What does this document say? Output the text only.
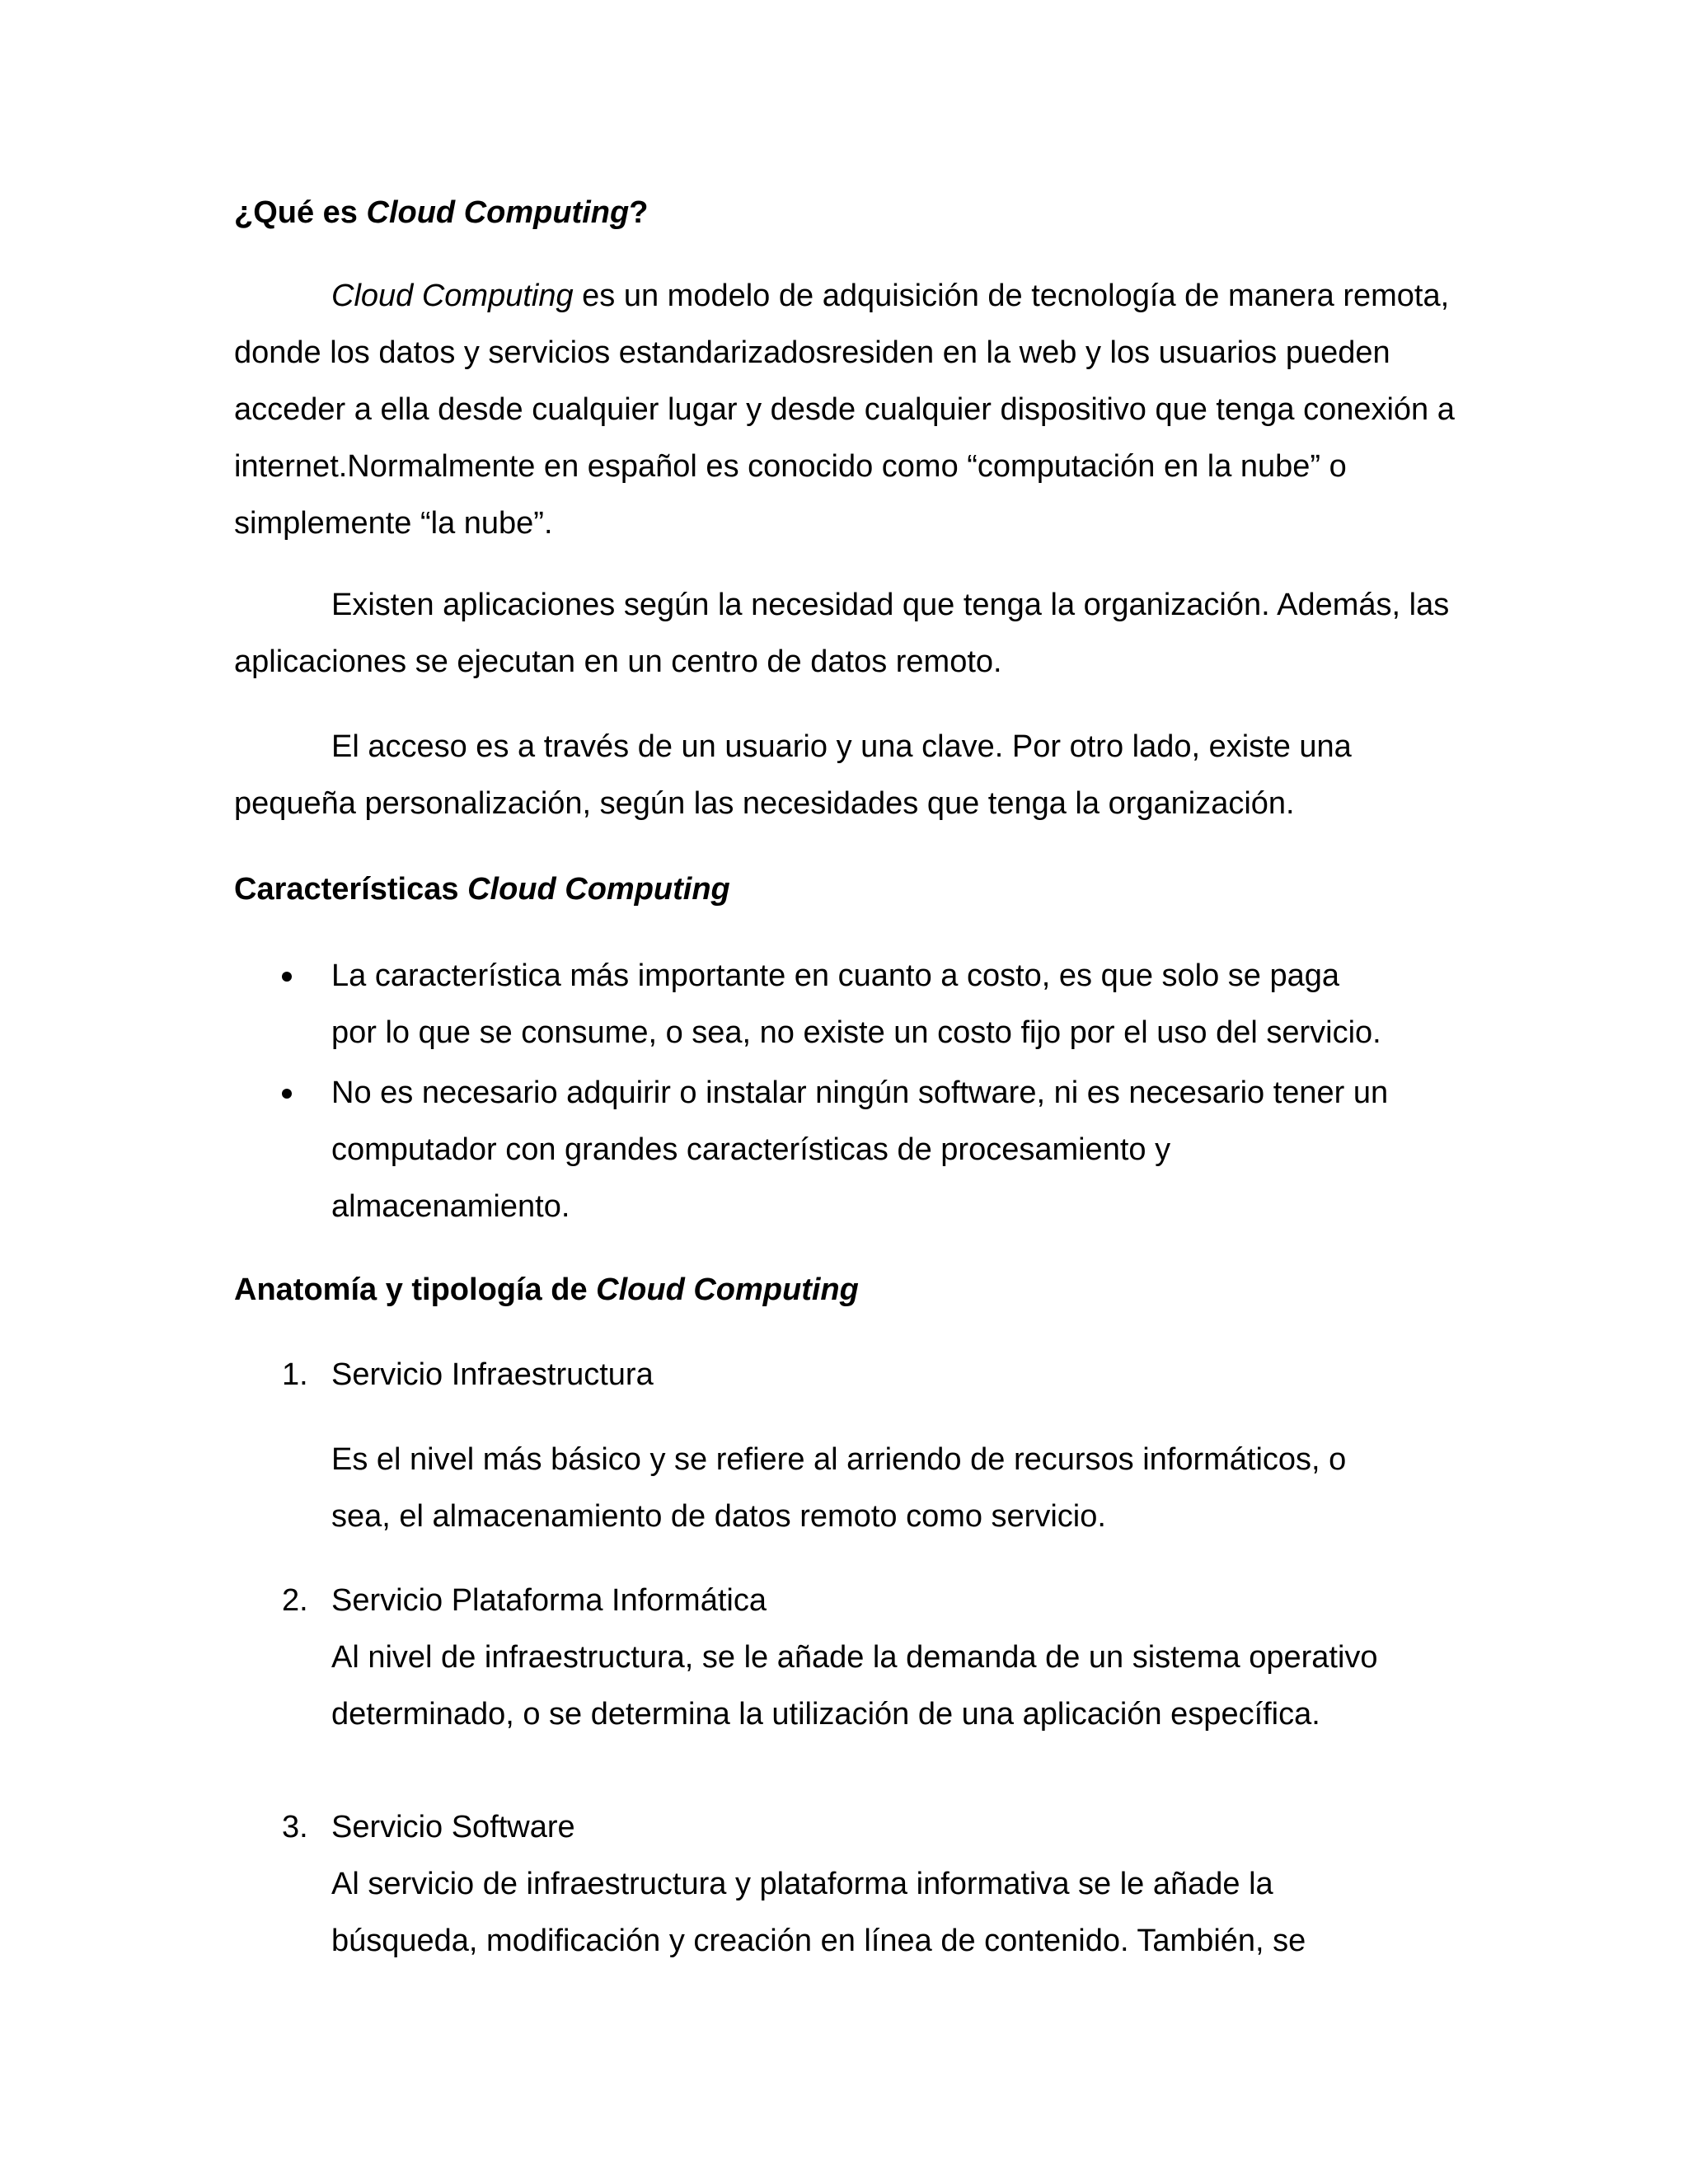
¿Qué es Cloud Computing?

Cloud Computing es un modelo de adquisición de tecnología de manera remota, donde los datos y servicios estandarizadosresiden en la web y los usuarios pueden acceder a ella desde cualquier lugar y desde cualquier dispositivo que tenga conexión a internet.Normalmente en español es conocido como “computación en la nube” o simplemente “la nube”.

Existen aplicaciones según la necesidad que tenga la organización. Además, las aplicaciones se ejecutan en un centro de datos remoto.

El acceso es a través de un usuario y una clave. Por otro lado, existe una pequeña personalización, según las necesidades que tenga la organización.

Características Cloud Computing
La característica más importante en cuanto a costo, es que solo se paga
por lo que se consume, o sea, no existe un costo fijo por el uso del servicio.
No es necesario adquirir o instalar ningún software, ni es necesario tener un
computador con grandes características de procesamiento y
almacenamiento.
Anatomía y tipología de Cloud Computing
1. Servicio Infraestructura
Es el nivel más básico y se refiere al arriendo de recursos informáticos, o
sea, el almacenamiento de datos remoto como servicio.
2. Servicio Plataforma Informática
Al nivel de infraestructura, se le añade la demanda de un sistema operativo
determinado, o se determina la utilización de una aplicación específica.
3. Servicio Software
Al servicio de infraestructura y plataforma informativa se le añade la
búsqueda, modificación y creación en línea de contenido. También, se
